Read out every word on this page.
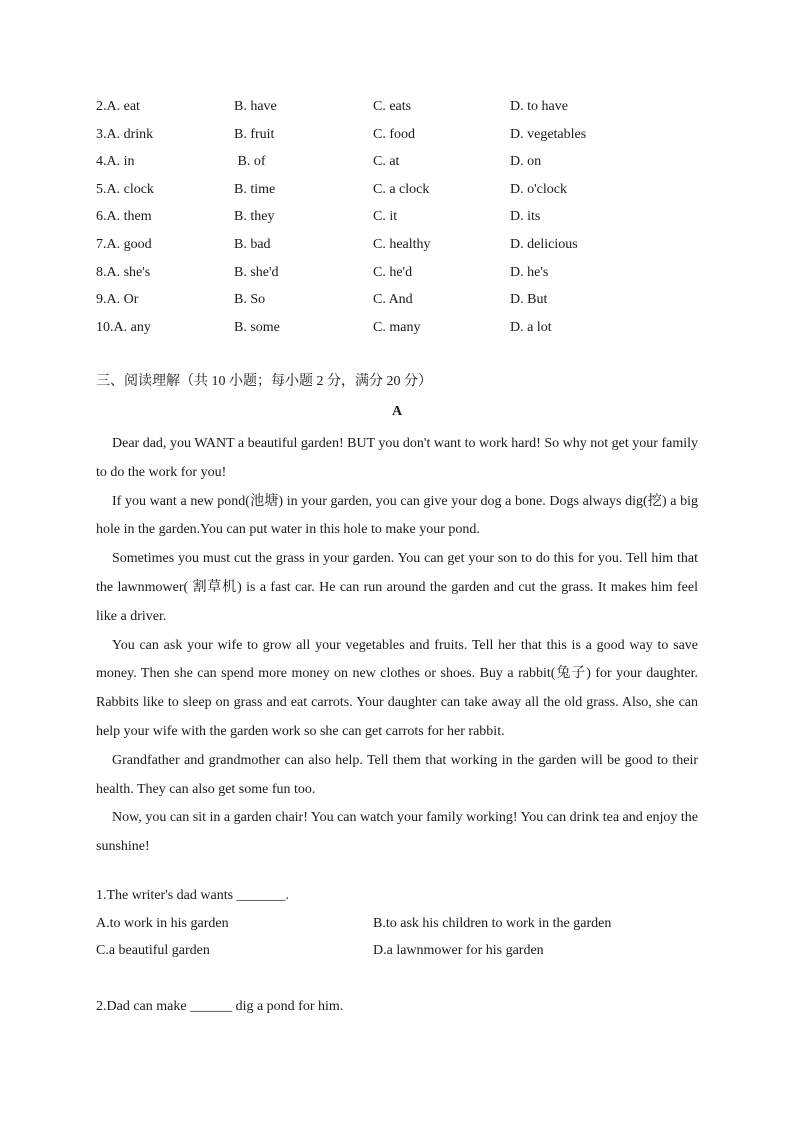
2.A. eat	B. have	C. eats	D. to have
3.A. drink	B. fruit	C. food	D. vegetables
4.A. in	B. of	C. at	D. on
5.A. clock	B. time	C. a clock	D. o'clock
6.A. them	B. they	C. it	D. its
7.A. good	B. bad	C. healthy	D. delicious
8.A. she's	B. she'd	C. he'd	D. he's
9.A. Or	B. So	C. And	D. But
10.A. any	B. some	C. many	D. a lot
三、阅读理解（共 10 小题；每小题 2 分，满分 20 分）
A

Dear dad, you WANT a beautiful garden! BUT you don't want to work hard! So why not get your family to do the work for you!

If you want a new pond(池塘) in your garden, you can give your dog a bone. Dogs always dig(挖) a big hole in the garden.You can put water in this hole to make your pond.

Sometimes you must cut the grass in your garden. You can get your son to do this for you. Tell him that the lawnmower( 割草机) is a fast car. He can run around the garden and cut the grass. It makes him feel like a driver.

You can ask your wife to grow all your vegetables and fruits. Tell her that this is a good way to save money. Then she can spend more money on new clothes or shoes. Buy a rabbit(兔子) for your daughter. Rabbits like to sleep on grass and eat carrots. Your daughter can take away all the old grass. Also, she can help your wife with the garden work so she can get carrots for her rabbit.

Grandfather and grandmother can also help. Tell them that working in the garden will be good to their health. They can also get some fun too.

Now, you can sit in a garden chair! You can watch your family working! You can drink tea and enjoy the sunshine!

1.The writer's dad wants _______.
A.to work in his garden	B.to ask his children to work in the garden
C.a beautiful garden	D.a lawnmower for his garden
2.Dad can make ______ dig a pond for him.
